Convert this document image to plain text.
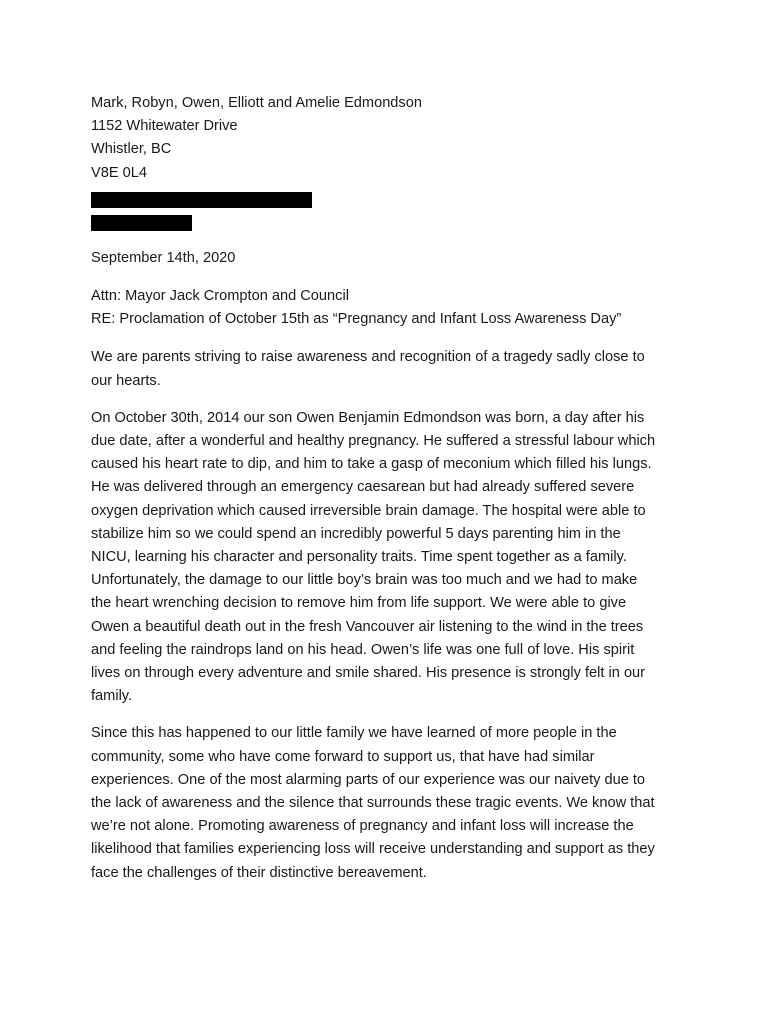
Mark, Robyn, Owen, Elliott and Amelie Edmondson
1152 Whitewater Drive
Whistler, BC
V8E 0L4
September 14th, 2020
Attn: Mayor Jack Crompton and Council
RE: Proclamation of October 15th as “Pregnancy and Infant Loss Awareness Day”

We are parents striving to raise awareness and recognition of a tragedy sadly close to
our hearts.

On October 30th, 2014 our son Owen Benjamin Edmondson was born, a day after his
due date, after a wonderful and healthy pregnancy. He suffered a stressful labour which
caused his heart rate to dip, and him to take a gasp of meconium which filled his lungs.
He was delivered through an emergency caesarean but had already suffered severe
oxygen deprivation which caused irreversible brain damage. The hospital were able to
stabilize him so we could spend an incredibly powerful 5 days parenting him in the
NICU, learning his character and personality traits. Time spent together as a family.
Unfortunately, the damage to our little boy’s brain was too much and we had to make
the heart wrenching decision to remove him from life support. We were able to give
Owen a beautiful death out in the fresh Vancouver air listening to the wind in the trees
and feeling the raindrops land on his head. Owen’s life was one full of love. His spirit
lives on through every adventure and smile shared. His presence is strongly felt in our
family.

Since this has happened to our little family we have learned of more people in the
community, some who have come forward to support us, that have had similar
experiences. One of the most alarming parts of our experience was our naivety due to
the lack of awareness and the silence that surrounds these tragic events. We know that
we’re not alone. Promoting awareness of pregnancy and infant loss will increase the
likelihood that families experiencing loss will receive understanding and support as they
face the challenges of their distinctive bereavement.
